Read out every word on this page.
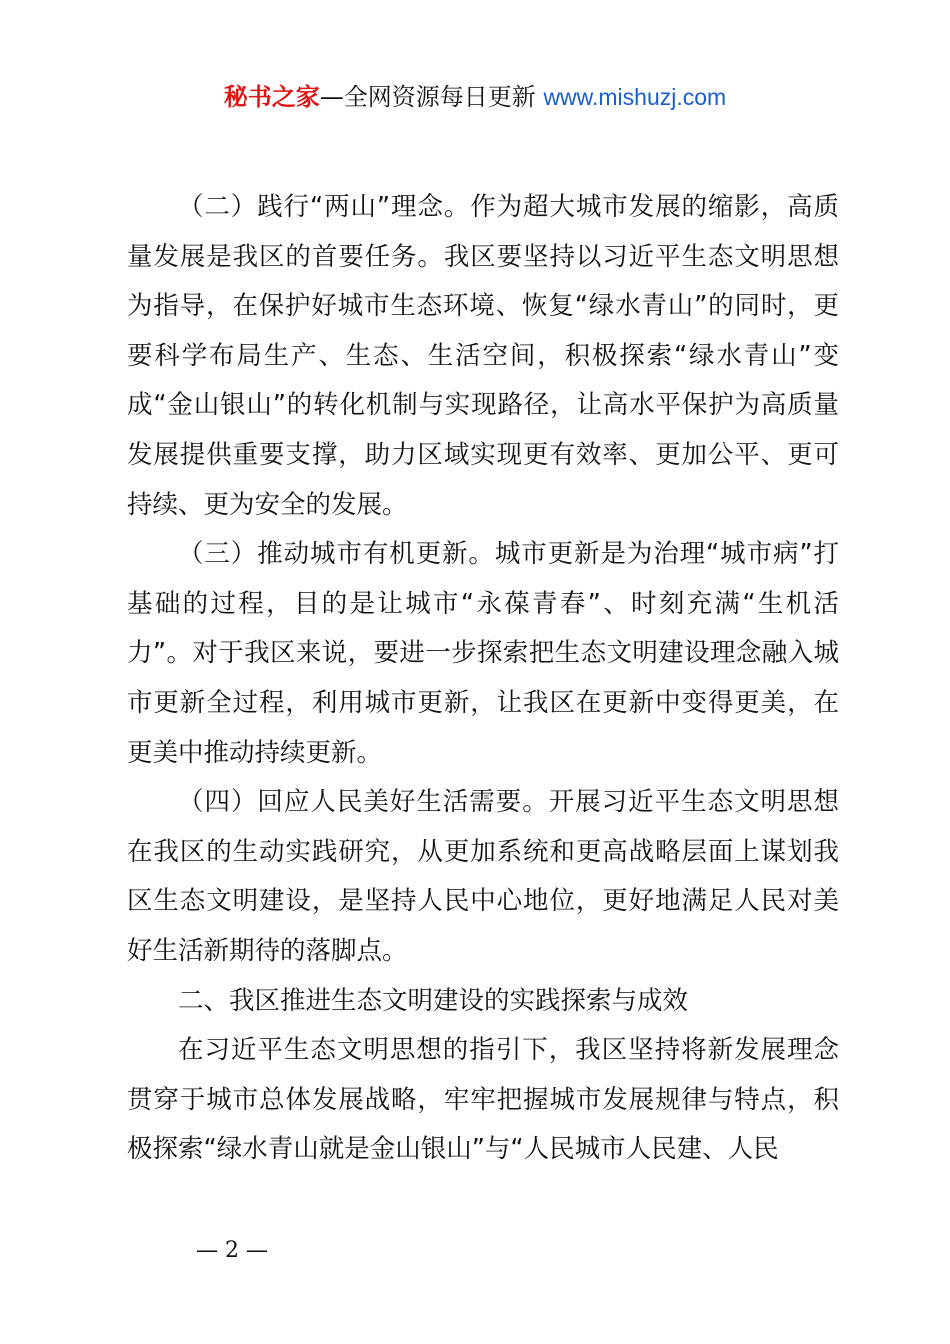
秘书之家—全网资源每日更新 www.mishuzj.com

（二）践行“两山”理念。作为超大城市发展的缩影，高质量发展是我区的首要任务。我区要坚持以习近平生态文明思想为指导，在保护好城市生态环境、恢复“绿水青山”的同时，更要科学布局生产、生态、生活空间，积极探索“绿水青山”变成“金山银山”的转化机制与实现路径，让高水平保护为高质量发展提供重要支撑，助力区域实现更有效率、更加公平、更可持续、更为安全的发展。

（三）推动城市有机更新。城市更新是为治理“城市病”打基础的过程，目的是让城市“永葆青春”、时刻充满“生机活力”。对于我区来说，要进一步探索把生态文明建设理念融入城市更新全过程，利用城市更新，让我区在更新中变得更美，在更美中推动持续更新。

（四）回应人民美好生活需要。开展习近平生态文明思想在我区的生动实践研究，从更加系统和更高战略层面上谋划我区生态文明建设，是坚持人民中心地位，更好地满足人民对美好生活新期待的落脚点。

二、我区推进生态文明建设的实践探索与成效

在习近平生态文明思想的指引下，我区坚持将新发展理念贯穿于城市总体发展战略，牢牢把握城市发展规律与特点，积极探索“绿水青山就是金山银山”与“人民城市人民建、人民

— 2 —
